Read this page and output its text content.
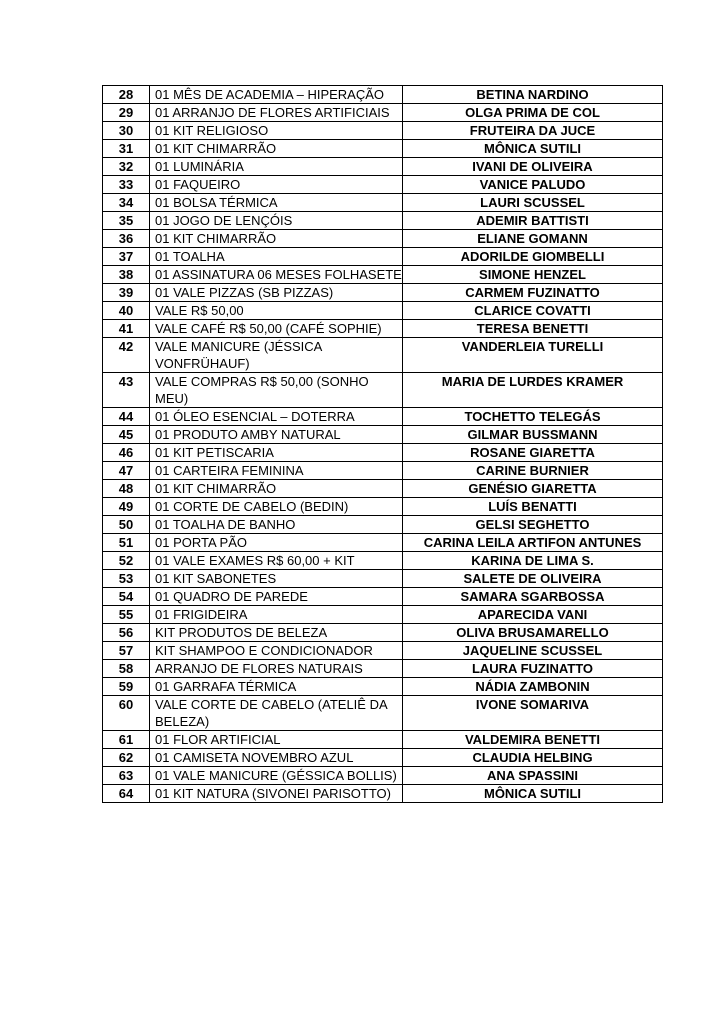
28	01 MÊS DE ACADEMIA – HIPERAÇÃO	BETINA NARDINO
29	01 ARRANJO DE FLORES ARTIFICIAIS	OLGA PRIMA DE COL
30	01 KIT RELIGIOSO	FRUTEIRA DA JUCE
31	01 KIT CHIMARRÃO	MÔNICA SUTILI
32	01 LUMINÁRIA	IVANI DE OLIVEIRA
33	01 FAQUEIRO	VANICE PALUDO
34	01 BOLSA TÉRMICA	LAURI SCUSSEL
35	01 JOGO DE LENÇÓIS	ADEMIR BATTISTI
36	01 KIT CHIMARRÃO	ELIANE GOMANN
37	01 TOALHA	ADORILDE GIOMBELLI
38	01 ASSINATURA 06 MESES FOLHASETE	SIMONE HENZEL
39	01 VALE PIZZAS (SB PIZZAS)	CARMEM FUZINATTO
40	VALE R$ 50,00	CLARICE COVATTI
41	VALE CAFÉ R$ 50,00 (CAFÉ SOPHIE)	TERESA BENETTI
42	VALE MANICURE (JÉSSICA VONFRÜHAUF)	VANDERLEIA TURELLI
43	VALE COMPRAS R$ 50,00 (SONHO MEU)	MARIA DE LURDES KRAMER
44	01 ÓLEO ESENCIAL – DOTERRA	TOCHETTO TELEGÁS
45	01 PRODUTO AMBY NATURAL	GILMAR BUSSMANN
46	01 KIT PETISCARIA	ROSANE GIARETTA
47	01 CARTEIRA FEMININA	CARINE BURNIER
48	01 KIT CHIMARRÃO	GENÉSIO GIARETTA
49	01 CORTE DE CABELO (BEDIN)	LUÍS BENATTI
50	01 TOALHA DE BANHO	GELSI SEGHETTO
51	01 PORTA PÃO	CARINA LEILA ARTIFON ANTUNES
52	01 VALE EXAMES R$ 60,00 + KIT	KARINA DE LIMA S.
53	01 KIT SABONETES	SALETE DE OLIVEIRA
54	01 QUADRO DE PAREDE	SAMARA SGARBOSSA
55	01 FRIGIDEIRA	APARECIDA VANI
56	KIT PRODUTOS DE BELEZA	OLIVA BRUSAMARELLO
57	KIT SHAMPOO E CONDICIONADOR	JAQUELINE SCUSSEL
58	ARRANJO DE FLORES NATURAIS	LAURA FUZINATTO
59	01 GARRAFA TÉRMICA	NÁDIA ZAMBONIN
60	VALE CORTE DE CABELO (ATELIÊ DA BELEZA)	IVONE SOMARIVA
61	01 FLOR ARTIFICIAL	VALDEMIRA BENETTI
62	01 CAMISETA NOVEMBRO AZUL	CLAUDIA HELBING
63	01 VALE MANICURE (GÉSSICA BOLLIS)	ANA SPASSINI
64	01 KIT NATURA (SIVONEI PARISOTTO)	MÔNICA SUTILI
